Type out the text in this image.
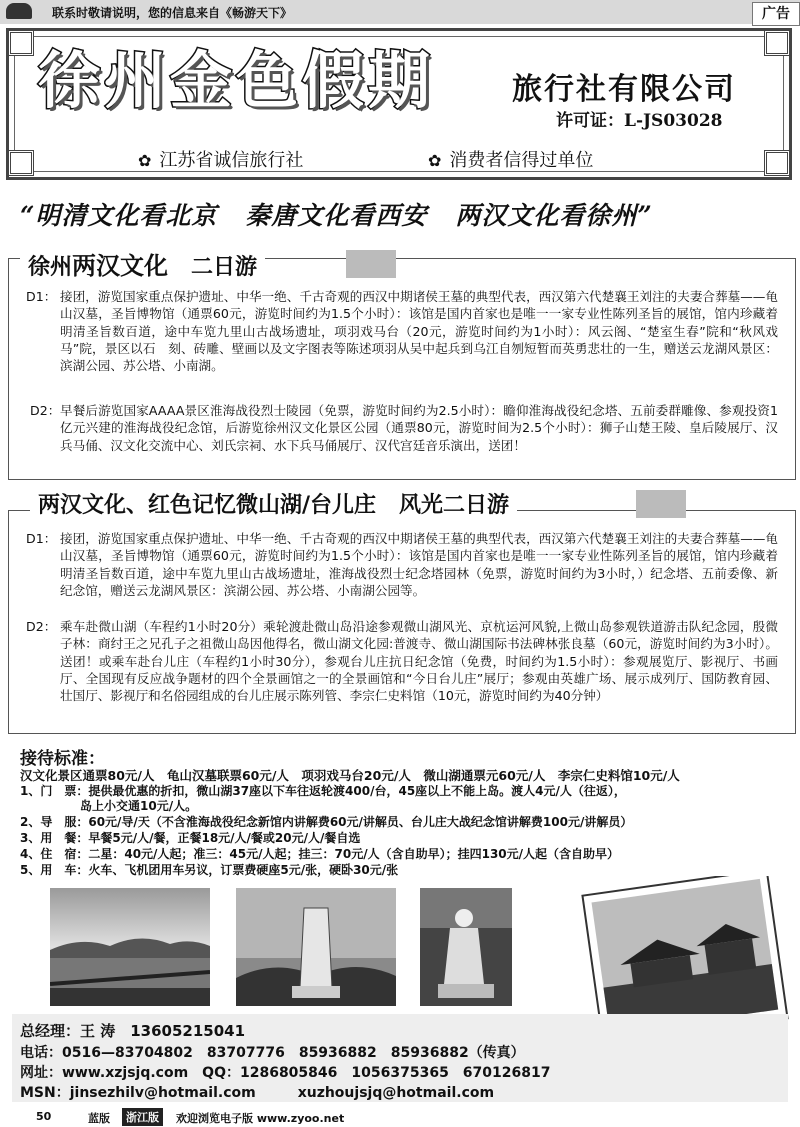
联系时敬请说明，您的信息来自《畅游天下》	广告
徐州金色假期	旅行社有限公司
许可证：L-JS03028
✿ 江苏省诚信旅行社	✿ 消费者信得过单位
“明清文化看北京 秦唐文化看西安 两汉文化看徐州”
徐州两汉文化 二日游
D1： 接团，游览国家重点保护遗址、中华一绝、千古奇观的西汉中期诸侯王墓的典型代表，西汉第六代楚襄王刘注的夫妻合葬墓——龟山汉墓，圣旨博物馆（通票60元，游览时间约为1.5个小时）：该馆是国内首家也是唯一一家专业性陈列圣旨的展馆，馆内珍藏着明清圣旨数百道，途中车览九里山古战场遗址，项羽戏马台（20元，游览时间约为1小时）：风云阁、“楚室生春”院和“秋风戏马”院，景区以石　刻、砖雕、壁画以及文字图表等陈述项羽从吴中起兵到乌江自刎短暂而英勇悲壮的一生，赠送云龙湖风景区：滨湖公园、苏公塔、小南湖。
D2： 早餐后游览国家AAAA景区淮海战役烈士陵园（免票，游览时间约为2.5小时）：瞻仰淮海战役纪念塔、五前委群雕像、参观投资1亿元兴建的淮海战役纪念馆，后游览徐州汉文化景区公园（通票80元，游览时间为2.5个小时）：狮子山楚王陵、皇后陵展厅、汉兵马俑、汉文化交流中心、刘氏宗祠、水下兵马俑展厅、汉代宫廷音乐演出，送团！
两汉文化、红色记忆微山湖/台儿庄 风光二日游
D1： 接团，游览国家重点保护遗址、中华一绝、千古奇观的西汉中期诸侯王墓的典型代表，西汉第六代楚襄王刘注的夫妻合葬墓——龟山汉墓，圣旨博物馆（通票60元，游览时间约为1.5个小时）：该馆是国内首家也是唯一一家专业性陈列圣旨的展馆，馆内珍藏着明清圣旨数百道，途中车览九里山古战场遗址，淮海战役烈士纪念塔园林（免票，游览时间约为3小时，）纪念塔、五前委像、新纪念馆，赠送云龙湖风景区：滨湖公园、苏公塔、小南湖公园等。
D2： 乘车赴微山湖（车程约1小时20分）乘轮渡赴微山岛沿途参观微山湖风光、京杭运河风貌,上微山岛参观铁道游击队纪念园，殷微子林：商纣王之兄孔子之祖微山岛因他得名，微山湖文化园:普渡寺、微山湖国际书法碑林张良墓（60元，游览时间约为3小时）。送团！或乘车赴台儿庄（车程约1小时30分），参观台儿庄抗日纪念馆（免费，时间约为1.5小时）：参观展览厅、影视厅、书画厅、全国现有反应战争题材的四个全景画馆之一的全景画馆和“今日台儿庄”展厅；参观由英雄广场、展示成列厅、国防教育园、壮国厅、影视厅和名俗园组成的台儿庄展示陈列管、李宗仁史料馆（10元，游览时间约为40分钟）
接待标准：
汉文化景区通票80元/人　龟山汉墓联票60元/人　项羽戏马台20元/人　微山湖通票元60元/人　李宗仁史料馆10元/人
1、门　票：提供最优惠的折扣，微山湖37座以下车往返轮渡400/台，45座以上不能上岛。渡人4元/人（往返），
　　　　　岛上小交通10元/人。
2、导　服：60元/导/天（不含淮海战役纪念新馆内讲解费60元/讲解员、台儿庄大战纪念馆讲解费100元/讲解员）
3、用　餐：早餐5元/人/餐，正餐18元/人/餐或20元/人/餐自选
4、住　宿：二星：40元/人起；准三：45元/人起；挂三：70元/人（含自助早）；挂四130元/人起（含自助早）
5、用　车：火车、飞机团用车另议，订票费硬座5元/张，硬卧30元/张
总经理：王 涛　13605215041
电话：0516—83704802　83707776　85936882　85936882（传真）
网址：www.xzjsjq.com　QQ：1286805846　1056375365　670126817
MSN：jinsezhilv@hotmail.com　　　xuzhoujsjq@hotmail.com
50	蓝版	浙江版	欢迎浏览电子版 www.zyoo.net
